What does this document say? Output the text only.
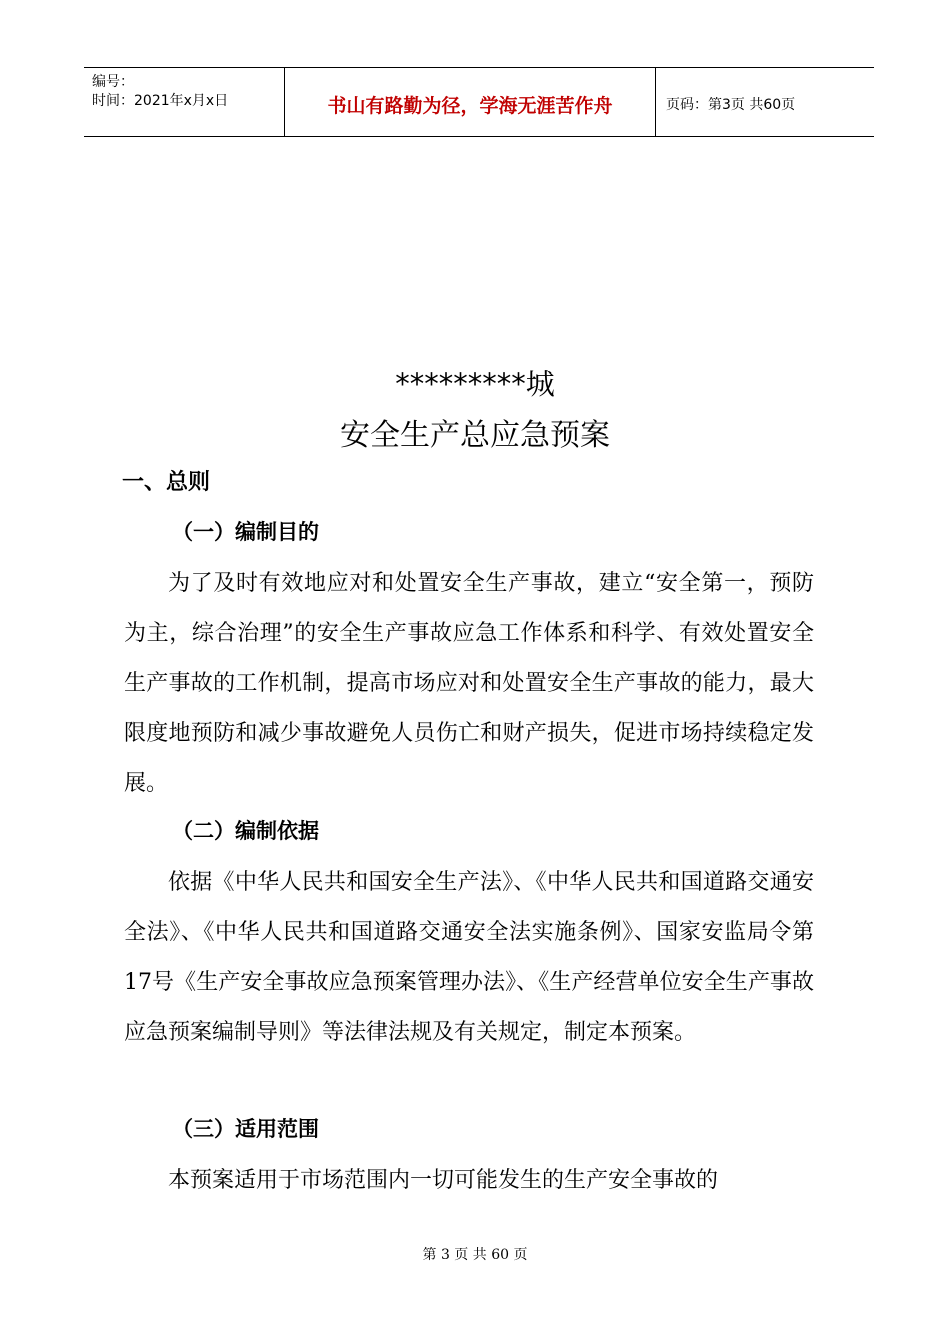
编号：
时间：2021年x月x日	书山有路勤为径，学海无涯苦作舟	页码：第3页 共60页
*********城
安全生产总应急预案
一、总则
（一）编制目的
为了及时有效地应对和处置安全生产事故，建立“安全第一，预防为主，综合治理”的安全生产事故应急工作体系和科学、有效处置安全生产事故的工作机制，提高市场应对和处置安全生产事故的能力，最大限度地预防和减少事故避免人员伤亡和财产损失，促进市场持续稳定发展。
（二）编制依据
依据《中华人民共和国安全生产法》、《中华人民共和国道路交通安全法》、《中华人民共和国道路交通安全法实施条例》、国家安监局令第17号《生产安全事故应急预案管理办法》、《生产经营单位安全生产事故应急预案编制导则》等法律法规及有关规定，制定本预案。
（三）适用范围
本预案适用于市场范围内一切可能发生的生产安全事故的
第 3 页 共 60 页
